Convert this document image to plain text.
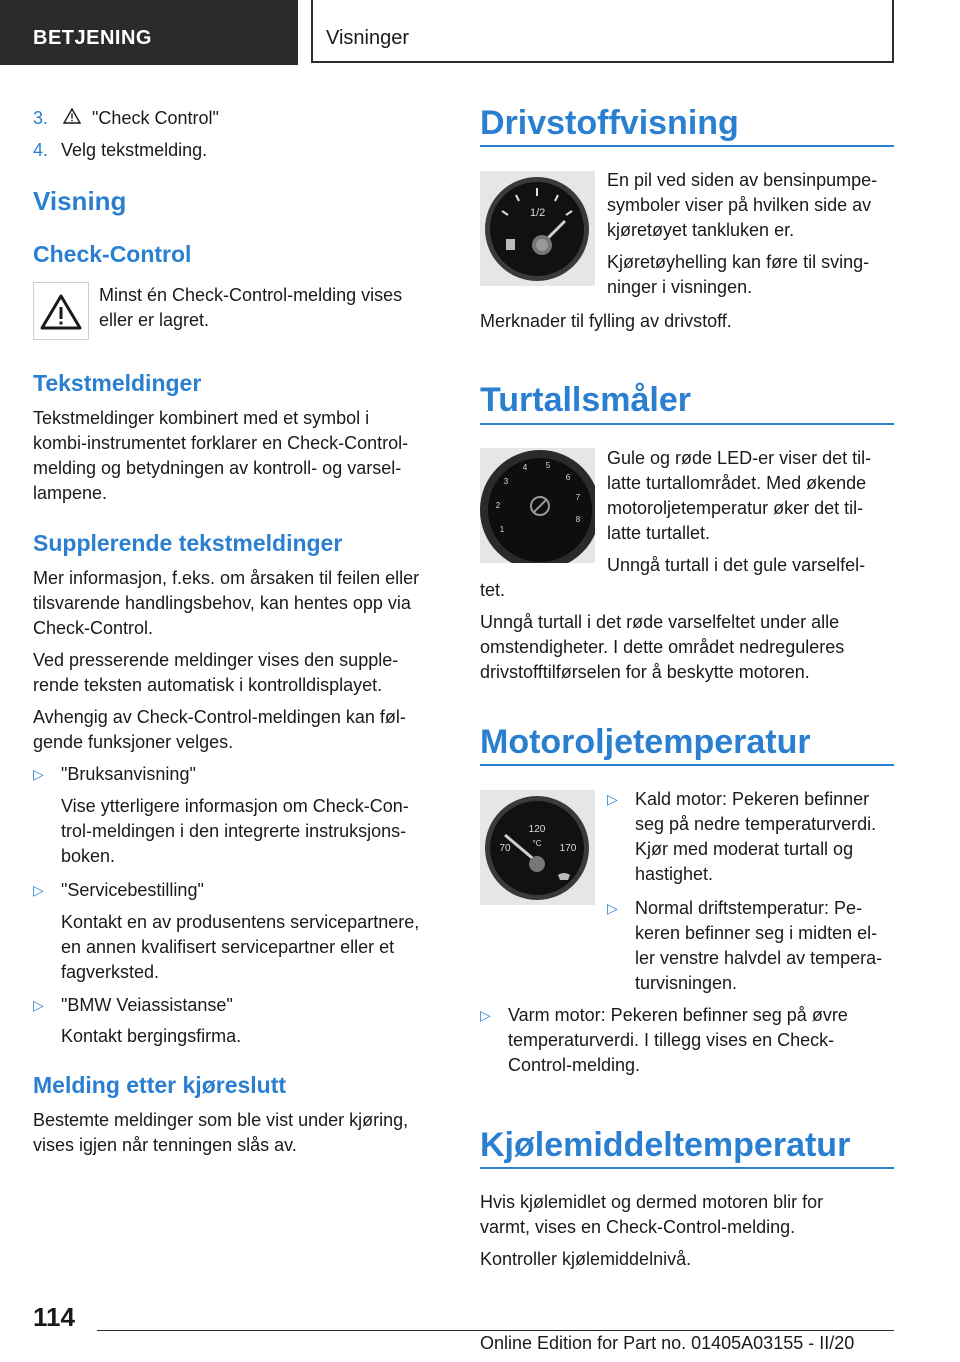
BETJENING	Visninger

3. "Check Control"

4. Velg tekstmelding.

Visning
Check-Control

Minst én Check-Control-melding vises

eller er lagret.

Tekstmeldinger

Tekstmeldinger kombinert med et symbol i

kombi-instrumentet forklarer en Check-Control-

melding og betydningen av kontroll- og varsel-

lampene.

Supplerende tekstmeldinger

Mer informasjon, f.eks. om årsaken til feilen eller

tilsvarende handlingsbehov, kan hentes opp via

Check-Control.

Ved presserende meldinger vises den supple-

rende teksten automatisk i kontrolldisplayet.

Avhengig av Check-Control-meldingen kan føl-

gende funksjoner velges.

▷ "Bruksanvisning"

Vise ytterligere informasjon om Check-Con-

trol-meldingen i den integrerte instruksjons-

boken.

▷ "Servicebestilling"

Kontakt en av produsentens servicepartnere,

en annen kvalifisert servicepartner eller et

fagverksted.

▷ "BMW Veiassistanse"

Kontakt bergingsfirma.

Melding etter kjøreslutt

Bestemte meldinger som ble vist under kjøring,

vises igjen når tenningen slås av.

Drivstoffvisning
1/2

En pil ved siden av bensinpumpe-

symboler viser på hvilken side av

kjøretøyet tankluken er.

Kjøretøyhelling kan føre til sving-

ninger i visningen.

Merknader til fylling av drivstoff.

Turtallsmåler
1
2
3
4 5
6
7
8

Gule og røde LED-er viser det til-

latte turtallområdet. Med økende

motoroljetemperatur øker det til-

latte turtallet.

Unngå turtall i det gule varselfel-

tet.

Unngå turtall i det røde varselfeltet under alle

omstendigheter. I dette området nedreguleres

drivstofftilførselen for å beskytte motoren.

Motoroljetemperatur
70
120
°C 170
▷ Kald motor: Pekeren befinner

seg på nedre temperaturverdi.

Kjør med moderat turtall og

hastighet.

▷ Normal driftstemperatur: Pe-

keren befinner seg i midten el-

ler venstre halvdel av tempera-

turvisningen.

▷ Varm motor: Pekeren befinner seg på øvre

temperaturverdi. I tillegg vises en Check-

Control-melding.

Kjølemiddeltemperatur

Hvis kjølemidlet og dermed motoren blir for

varmt, vises en Check-Control-melding.

Kontroller kjølemiddelnivå.

114
Online Edition for Part no. 01405A03155 - II/20
